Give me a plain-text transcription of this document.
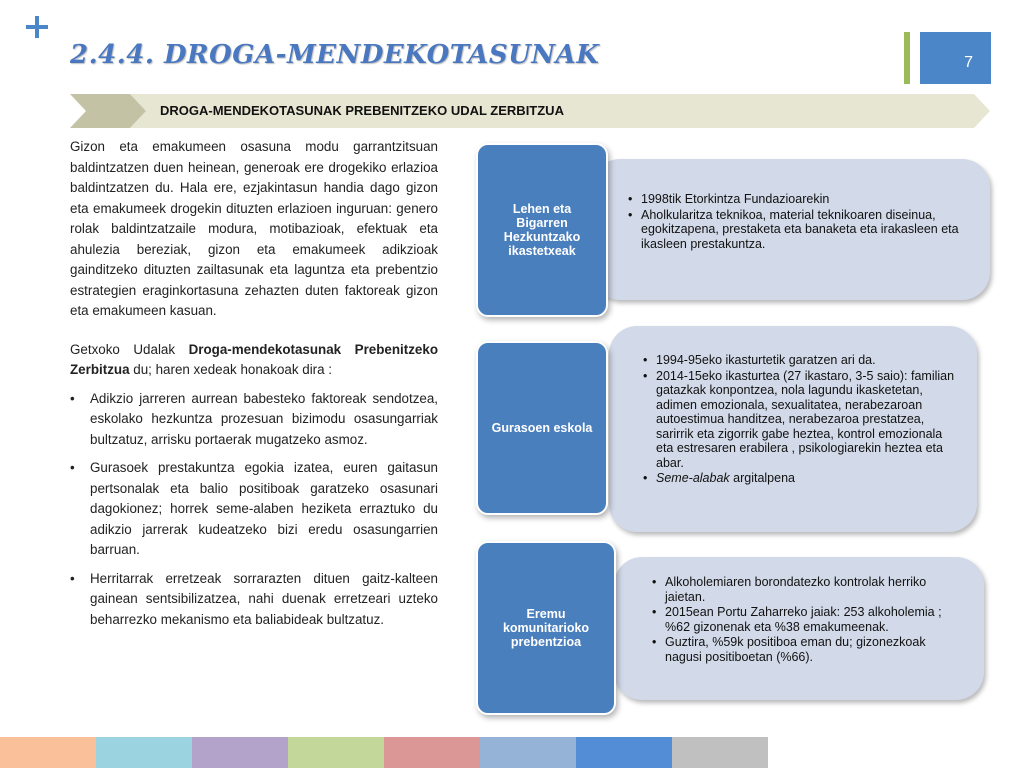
2.4.4. DROGA-MENDEKOTASUNAK	7
DROGA-MENDEKOTASUNAK PREBENITZEKO UDAL ZERBITZUA

Gizon eta emakumeen osasuna modu garrantzitsuan baldintzatzen duen heinean, generoak ere drogekiko erlazioa baldintzatzen du. Hala ere, ezjakintasun handia dago gizon eta emakumeek drogekin dituzten erlazioen inguruan: genero rolak baldintzatzaile modura, motibazioak, efektuak eta ahulezia bereziak, gizon eta emakumeek adikzioak gainditzeko dituzten zailtasunak eta laguntza eta prebentzio estrategien eraginkortasuna zehazten duten faktoreak gizon eta emakumeen kasuan.

Getxoko Udalak Droga-mendekotasunak Prebenitzeko Zerbitzua du; haren xedeak honakoak dira :

• Adikzio jarreren aurrean babesteko faktoreak sendotzea, eskolako hezkuntza prozesuan bizimodu osasungarriak bultzatuz, arrisku portaerak mugatzeko asmoz.
• Gurasoek prestakuntza egokia izatea, euren gaitasun pertsonalak eta balio positiboak garatzeko osasunari dagokionez; horrek seme-alaben heziketa erraztuko du adikzio jarrerak kudeatzeko bizi eredu osasungarrien barruan.
• Herritarrak erretzeak sorrarazten dituen gaitz-kalteen gainean sentsibilizatzea, nahi duenak erretzeari uzteko beharrezko mekanismo eta baliabideak bultzatuz.
Lehen eta Bigarren Hezkuntzako ikastetxeak
• 1998tik Etorkintza Fundazioarekin
• Aholkularitza teknikoa, material teknikoaren diseinua, egokitzapena, prestaketa eta banaketa eta irakasleen eta ikasleen prestakuntza.
Gurasoen eskola
• 1994-95eko ikasturtetik garatzen ari da.
• 2014-15eko ikasturtea (27 ikastaro, 3-5 saio): familian gatazkak konpontzea, nola lagundu ikasketetan, adimen emozionala, sexualitatea, nerabezaroan autoestimua handitzea, nerabezaroa prestatzea, sarirrik eta zigorrik gabe heztea, kontrol emozionala eta estresaren erabilera , psikologiarekin heztea eta abar.
• Seme-alabak argitalpena
Eremu komunitarioko prebentzioa
• Alkoholemiaren borondatezko kontrolak herriko jaietan.
• 2015ean Portu Zaharreko jaiak: 253 alkoholemia ; %62 gizonenak eta %38 emakumeenak.
• Guztira, %59k positiboa eman du; gizonezkoak nagusi positiboetan (%66).
